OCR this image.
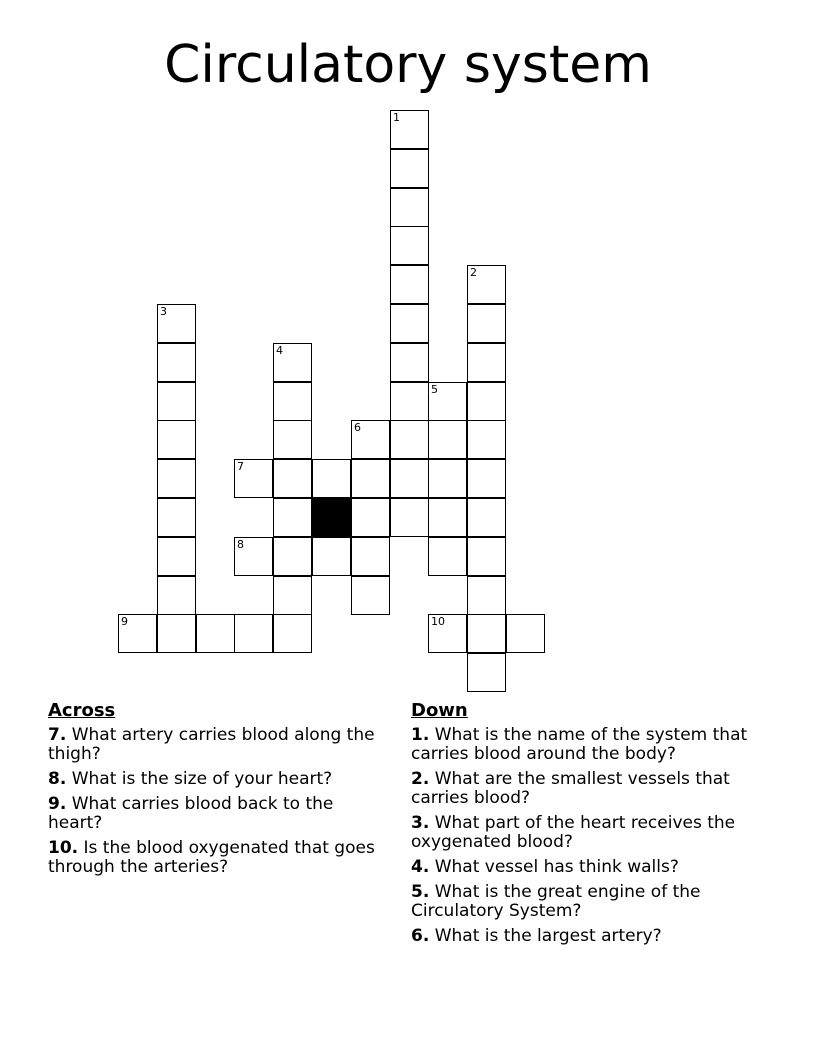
Circulatory system
1
2
3
4
5
6
7
8
9	10
Across
7. What artery carries blood along the thigh?
8. What is the size of your heart?
9. What carries blood back to the heart?
10. Is the blood oxygenated that goes through the arteries?
Down
1. What is the name of the system that carries blood around the body?
2. What are the smallest vessels that carries blood?
3. What part of the heart receives the oxygenated blood?
4. What vessel has think walls?
5. What is the great engine of the Circulatory System?
6. What is the largest artery?
